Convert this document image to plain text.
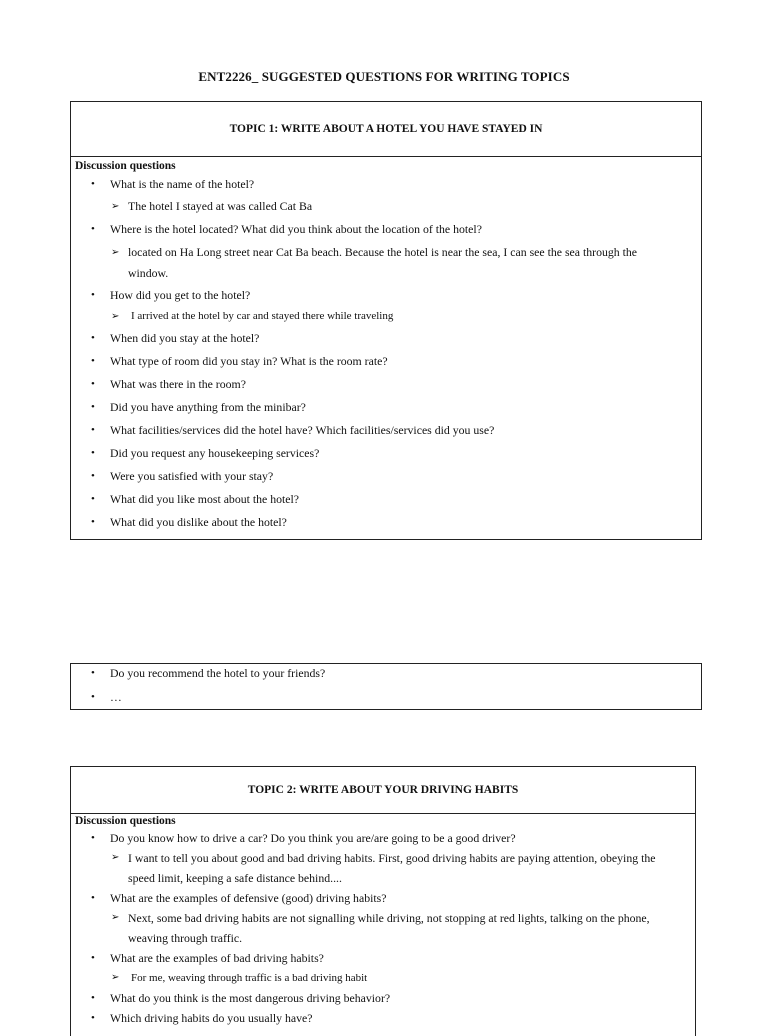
ENT2226_ SUGGESTED QUESTIONS FOR WRITING TOPICS
TOPIC 1: WRITE ABOUT A HOTEL YOU HAVE STAYED IN
Discussion questions
• What is the name of the hotel?
➢ The hotel I stayed at was called Cat Ba
• Where is the hotel located? What did you think about the location of the hotel?
➢ located on Ha Long street near Cat Ba beach. Because the hotel is near the sea, I can see the sea through the window.
• How did you get to the hotel?
➢ I arrived at the hotel by car and stayed there while traveling
• When did you stay at the hotel?
• What type of room did you stay in? What is the room rate?
• What was there in the room?
• Did you have anything from the minibar?
• What facilities/services did the hotel have? Which facilities/services did you use?
• Did you request any housekeeping services?
• Were you satisfied with your stay?
• What did you like most about the hotel?
• What did you dislike about the hotel?
• Do you recommend the hotel to your friends?
• …
TOPIC 2: WRITE ABOUT YOUR DRIVING HABITS
Discussion questions
• Do you know how to drive a car? Do you think you are/are going to be a good driver?
➢ I want to tell you about good and bad driving habits. First, good driving habits are paying attention, obeying the speed limit, keeping a safe distance behind....
• What are the examples of defensive (good) driving habits?
➢ Next, some bad driving habits are not signalling while driving, not stopping at red lights, talking on the phone, weaving through traffic.
• What are the examples of bad driving habits?
➢ For me, weaving through traffic is a bad driving habit
• What do you think is the most dangerous driving behavior?
• Which driving habits do you usually have?
